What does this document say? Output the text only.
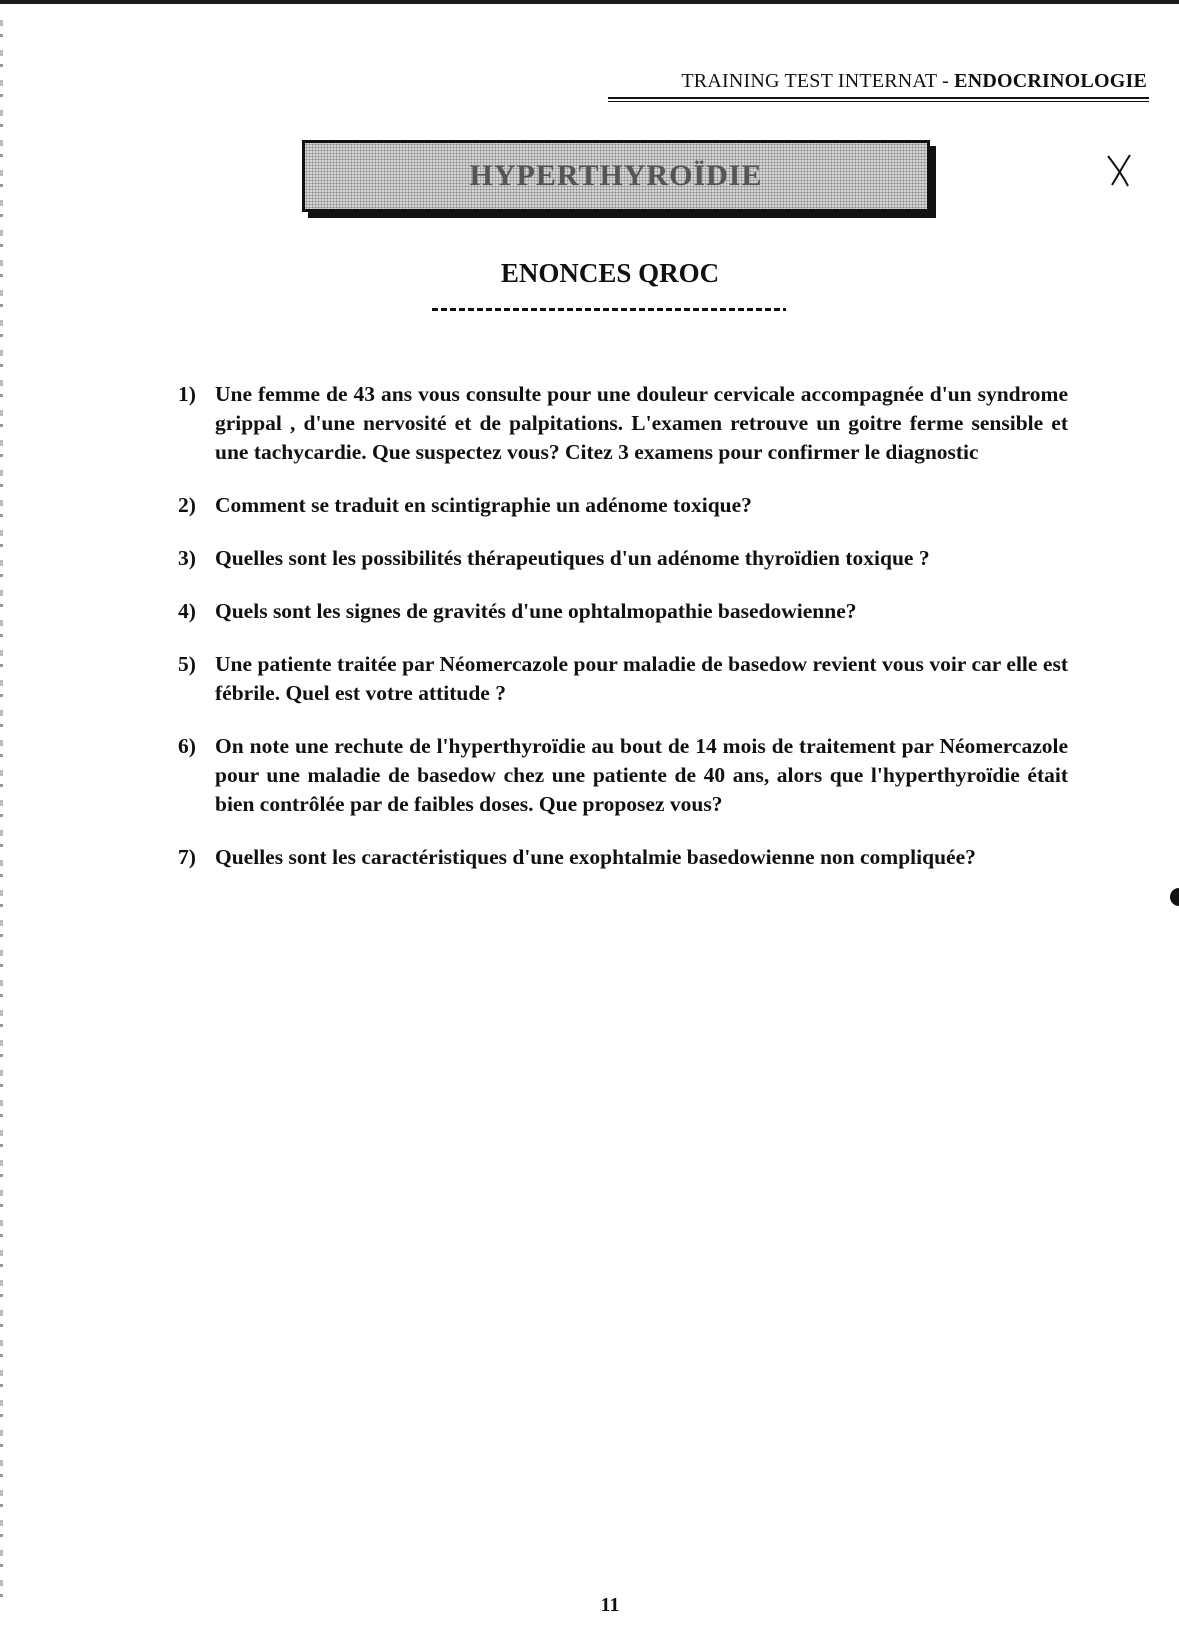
TRAINING TEST INTERNAT - ENDOCRINOLOGIE
HYPERTHYROÏDIE
ENONCES QROC
1) Une femme de 43 ans vous consulte pour une douleur cervicale accompagnée d'un syndrome grippal , d'une nervosité et de palpitations. L'examen retrouve un goitre ferme sensible et une tachycardie. Que suspectez vous? Citez 3 examens pour confirmer le diagnostic
2) Comment se traduit en scintigraphie un adénome toxique?
3) Quelles sont les possibilités thérapeutiques d'un adénome thyroïdien toxique ?
4) Quels sont les signes de gravités d'une ophtalmopathie basedowienne?
5) Une patiente traitée par Néomercazole pour maladie de basedow revient vous voir car elle est fébrile. Quel est votre attitude ?
6) On note une rechute de l'hyperthyroïdie au bout de 14 mois de traitement par Néomercazole pour une maladie de basedow chez une patiente de 40 ans, alors que l'hyperthyroïdie était bien contrôlée par de faibles doses. Que proposez vous?
7) Quelles sont les caractéristiques d'une exophtalmie basedowienne non compliquée?
11
